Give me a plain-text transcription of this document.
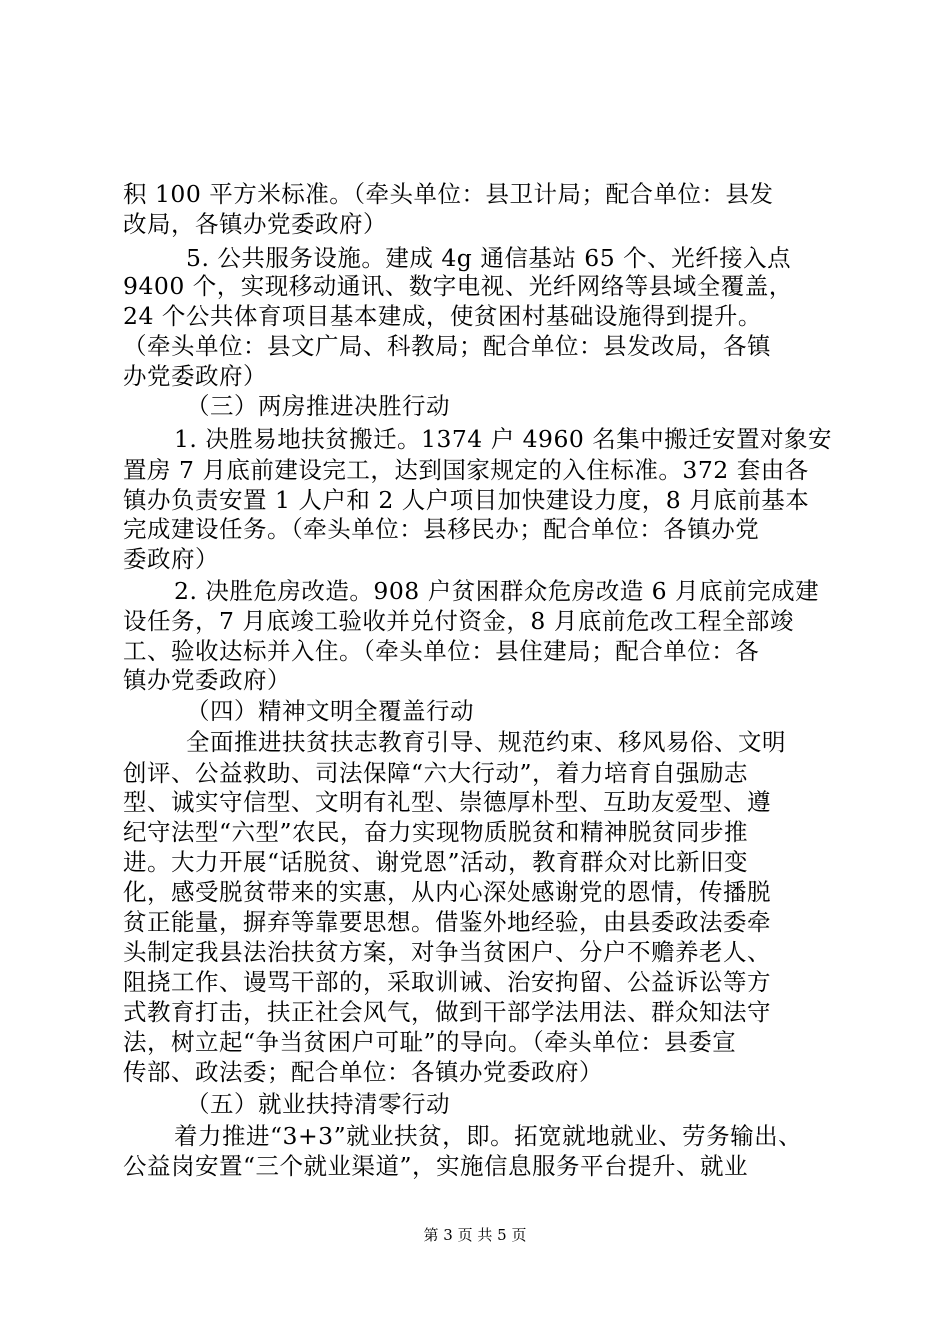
积 100 平方米标准。（牵头单位：县卫计局；配合单位：县发
改局，各镇办党委政府）
5. 公共服务设施。建成 4g 通信基站 65 个、光纤接入点
9400 个，实现移动通讯、数字电视、光纤网络等县域全覆盖，
24 个公共体育项目基本建成，使贫困村基础设施得到提升。
（牵头单位：县文广局、科教局；配合单位：县发改局，各镇
办党委政府）
（三）两房推进决胜行动
1. 决胜易地扶贫搬迁。1374 户 4960 名集中搬迁安置对象安
置房 7 月底前建设完工，达到国家规定的入住标准。372 套由各
镇办负责安置 1 人户和 2 人户项目加快建设力度，8 月底前基本
完成建设任务。（牵头单位：县移民办；配合单位：各镇办党
委政府）
2. 决胜危房改造。908 户贫困群众危房改造 6 月底前完成建
设任务，7 月底竣工验收并兑付资金，8 月底前危改工程全部竣
工、验收达标并入住。（牵头单位：县住建局；配合单位：各
镇办党委政府）
（四）精神文明全覆盖行动
全面推进扶贫扶志教育引导、规范约束、移风易俗、文明
创评、公益救助、司法保障“六大行动”，着力培育自强励志
型、诚实守信型、文明有礼型、崇德厚朴型、互助友爱型、遵
纪守法型“六型”农民，奋力实现物质脱贫和精神脱贫同步推
进。大力开展“话脱贫、谢党恩”活动，教育群众对比新旧变
化，感受脱贫带来的实惠，从内心深处感谢党的恩情，传播脱
贫正能量，摒弃等靠要思想。借鉴外地经验，由县委政法委牵
头制定我县法治扶贫方案，对争当贫困户、分户不赡养老人、
阻挠工作、谩骂干部的，采取训诫、治安拘留、公益诉讼等方
式教育打击，扶正社会风气，做到干部学法用法、群众知法守
法，树立起“争当贫困户可耻”的导向。（牵头单位：县委宣
传部、政法委；配合单位：各镇办党委政府）
（五）就业扶持清零行动
着力推进“3+3”就业扶贫，即。拓宽就地就业、劳务输出、
公益岗安置“三个就业渠道”，实施信息服务平台提升、就业
第 3 页 共 5 页
